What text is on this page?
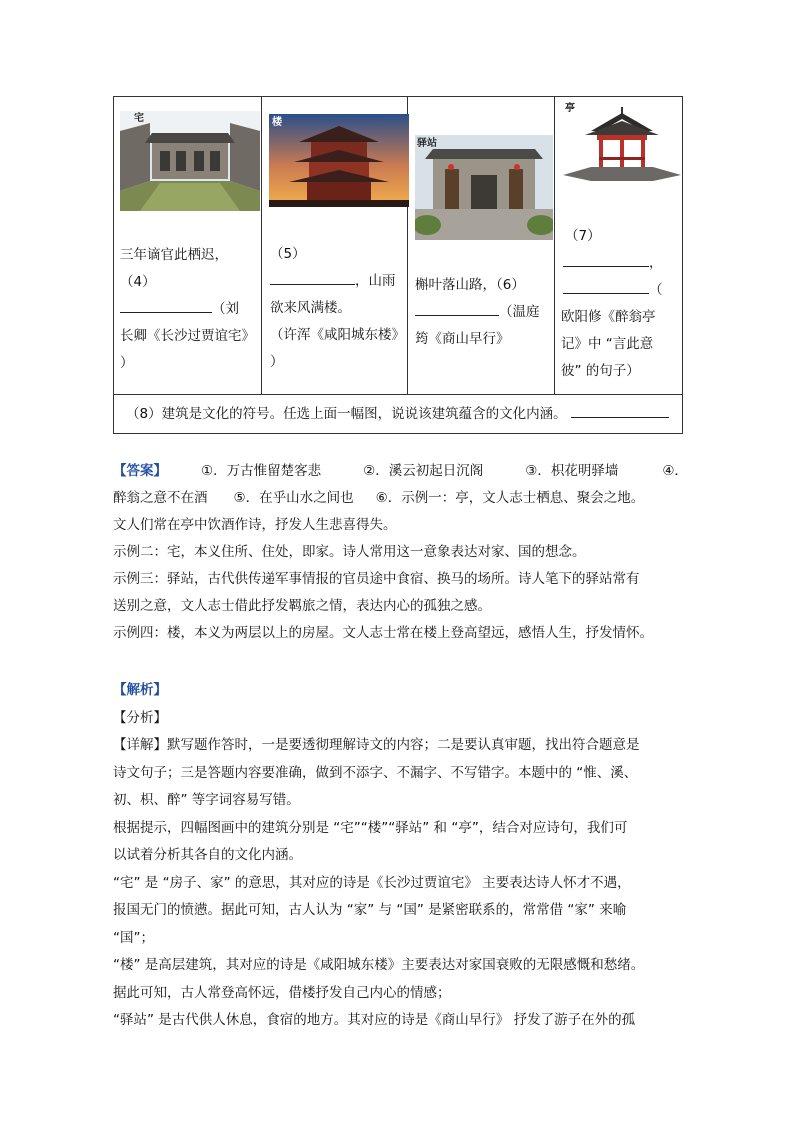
宅
三年谪官此栖迟，
（4）
（刘
长卿《长沙过贾谊宅》
）
楼
（5）
，山雨
欲来风满楼。
（许浑《咸阳城东楼》
）
驿站
槲叶落山路，（6）
（温庭
筠《商山早行》
亭
（7）
，
（
欧阳修《醉翁亭
记》中 “言此意
彼” 的句子）
（8）建筑是文化的符号。任选上面一幅图，说说该建筑蕴含的文化内涵。

【答案】	①．万古惟留楚客悲	②．溪云初起日沉阁	③．枳花明驿墙	④．

醉翁之意不在酒 ⑤．在乎山水之间也 ⑥．示例一：亭，文人志士栖息、聚会之地。

文人们常在亭中饮酒作诗，抒发人生悲喜得失。

示例二：宅，本义住所、住处，即家。诗人常用这一意象表达对家、国的想念。

示例三：驿站，古代供传递军事情报的官员途中食宿、换马的场所。诗人笔下的驿站常有

送别之意，文人志士借此抒发羁旅之情，表达内心的孤独之感。

示例四：楼，本义为两层以上的房屋。文人志士常在楼上登高望远，感悟人生，抒发情怀。

【解析】

【分析】

【详解】默写题作答时，一是要透彻理解诗文的内容；二是要认真审题，找出符合题意是

诗文句子；三是答题内容要准确，做到不添字、不漏字、不写错字。本题中的 “惟、溪、

初、枳、醉” 等字词容易写错。

根据提示，四幅图画中的建筑分别是 “宅”“楼”“驿站” 和 “亭”，结合对应诗句，我们可

以试着分析其各自的文化内涵。

“宅” 是 “房子、家” 的意思，其对应的诗是《长沙过贾谊宅》 主要表达诗人怀才不遇，

报国无门的愤懑。据此可知，古人认为 “家” 与 “国” 是紧密联系的，常常借 “家” 来喻

“国”；

“楼” 是高层建筑，其对应的诗是《咸阳城东楼》主要表达对家国衰败的无限感慨和愁绪。

据此可知，古人常登高怀远，借楼抒发自己内心的情感；

“驿站” 是古代供人休息，食宿的地方。其对应的诗是《商山早行》 抒发了游子在外的孤
